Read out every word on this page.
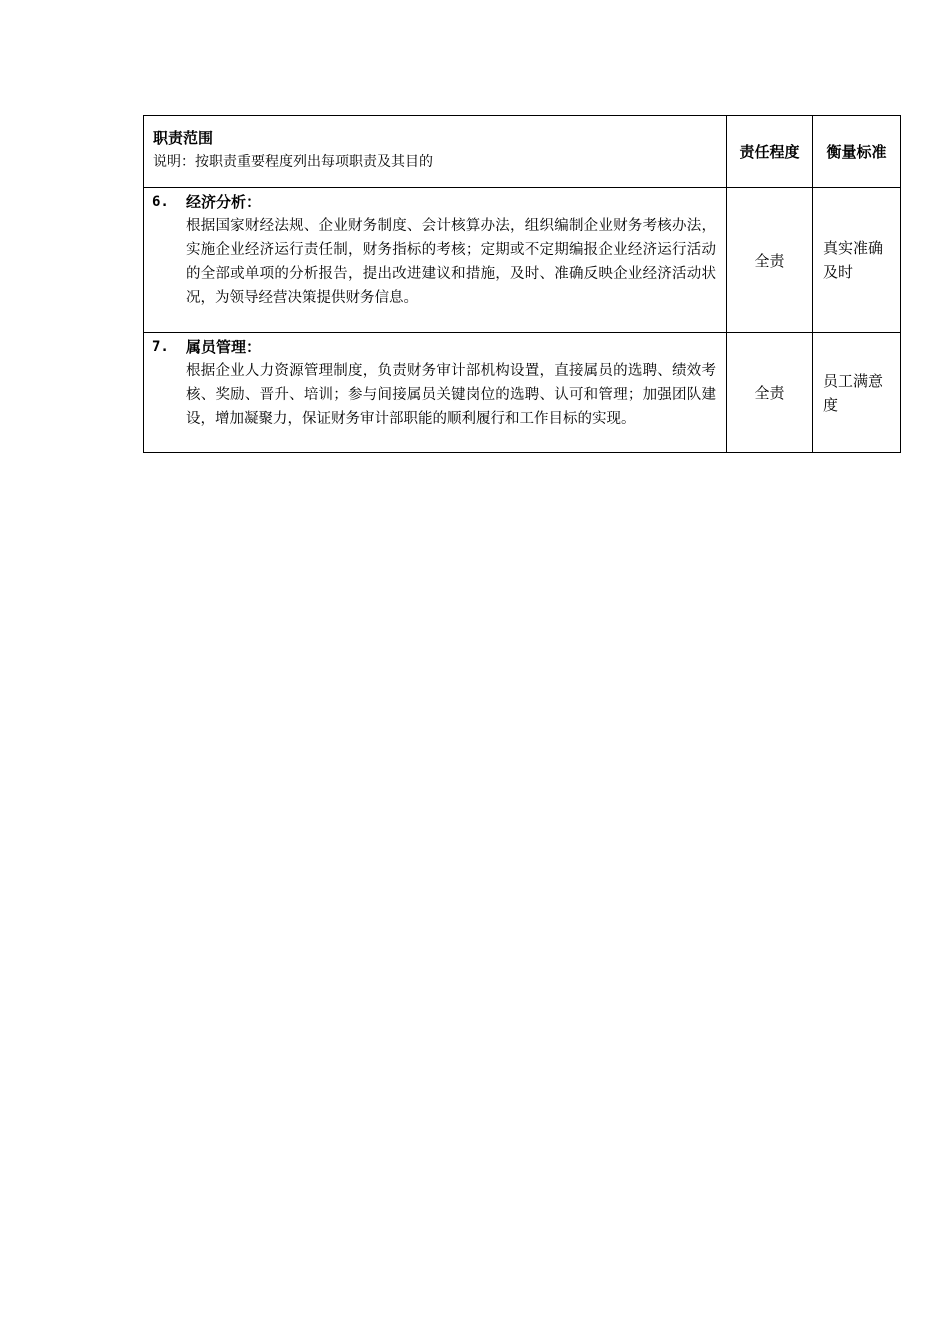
职责范围
说明：按职责重要程度列出每项职责及其目的	责任程度	衡量标准

6. 经济分析：
根据国家财经法规、企业财务制度、会计核算办法，组织编制企业财务考核办法，实施企业经济运行责任制，财务指标的考核；定期或不定期编报企业经济运行活动的全部或单项的分析报告，提出改进建议和措施，及时、准确反映企业经济活动状况，为领导经营决策提供财务信息。	全责	真实准确及时

7. 属员管理：
根据企业人力资源管理制度，负责财务审计部机构设置，直接属员的选聘、绩效考核、奖励、晋升、培训；参与间接属员关键岗位的选聘、认可和管理；加强团队建设，增加凝聚力，保证财务审计部职能的顺利履行和工作目标的实现。	全责	员工满意度
